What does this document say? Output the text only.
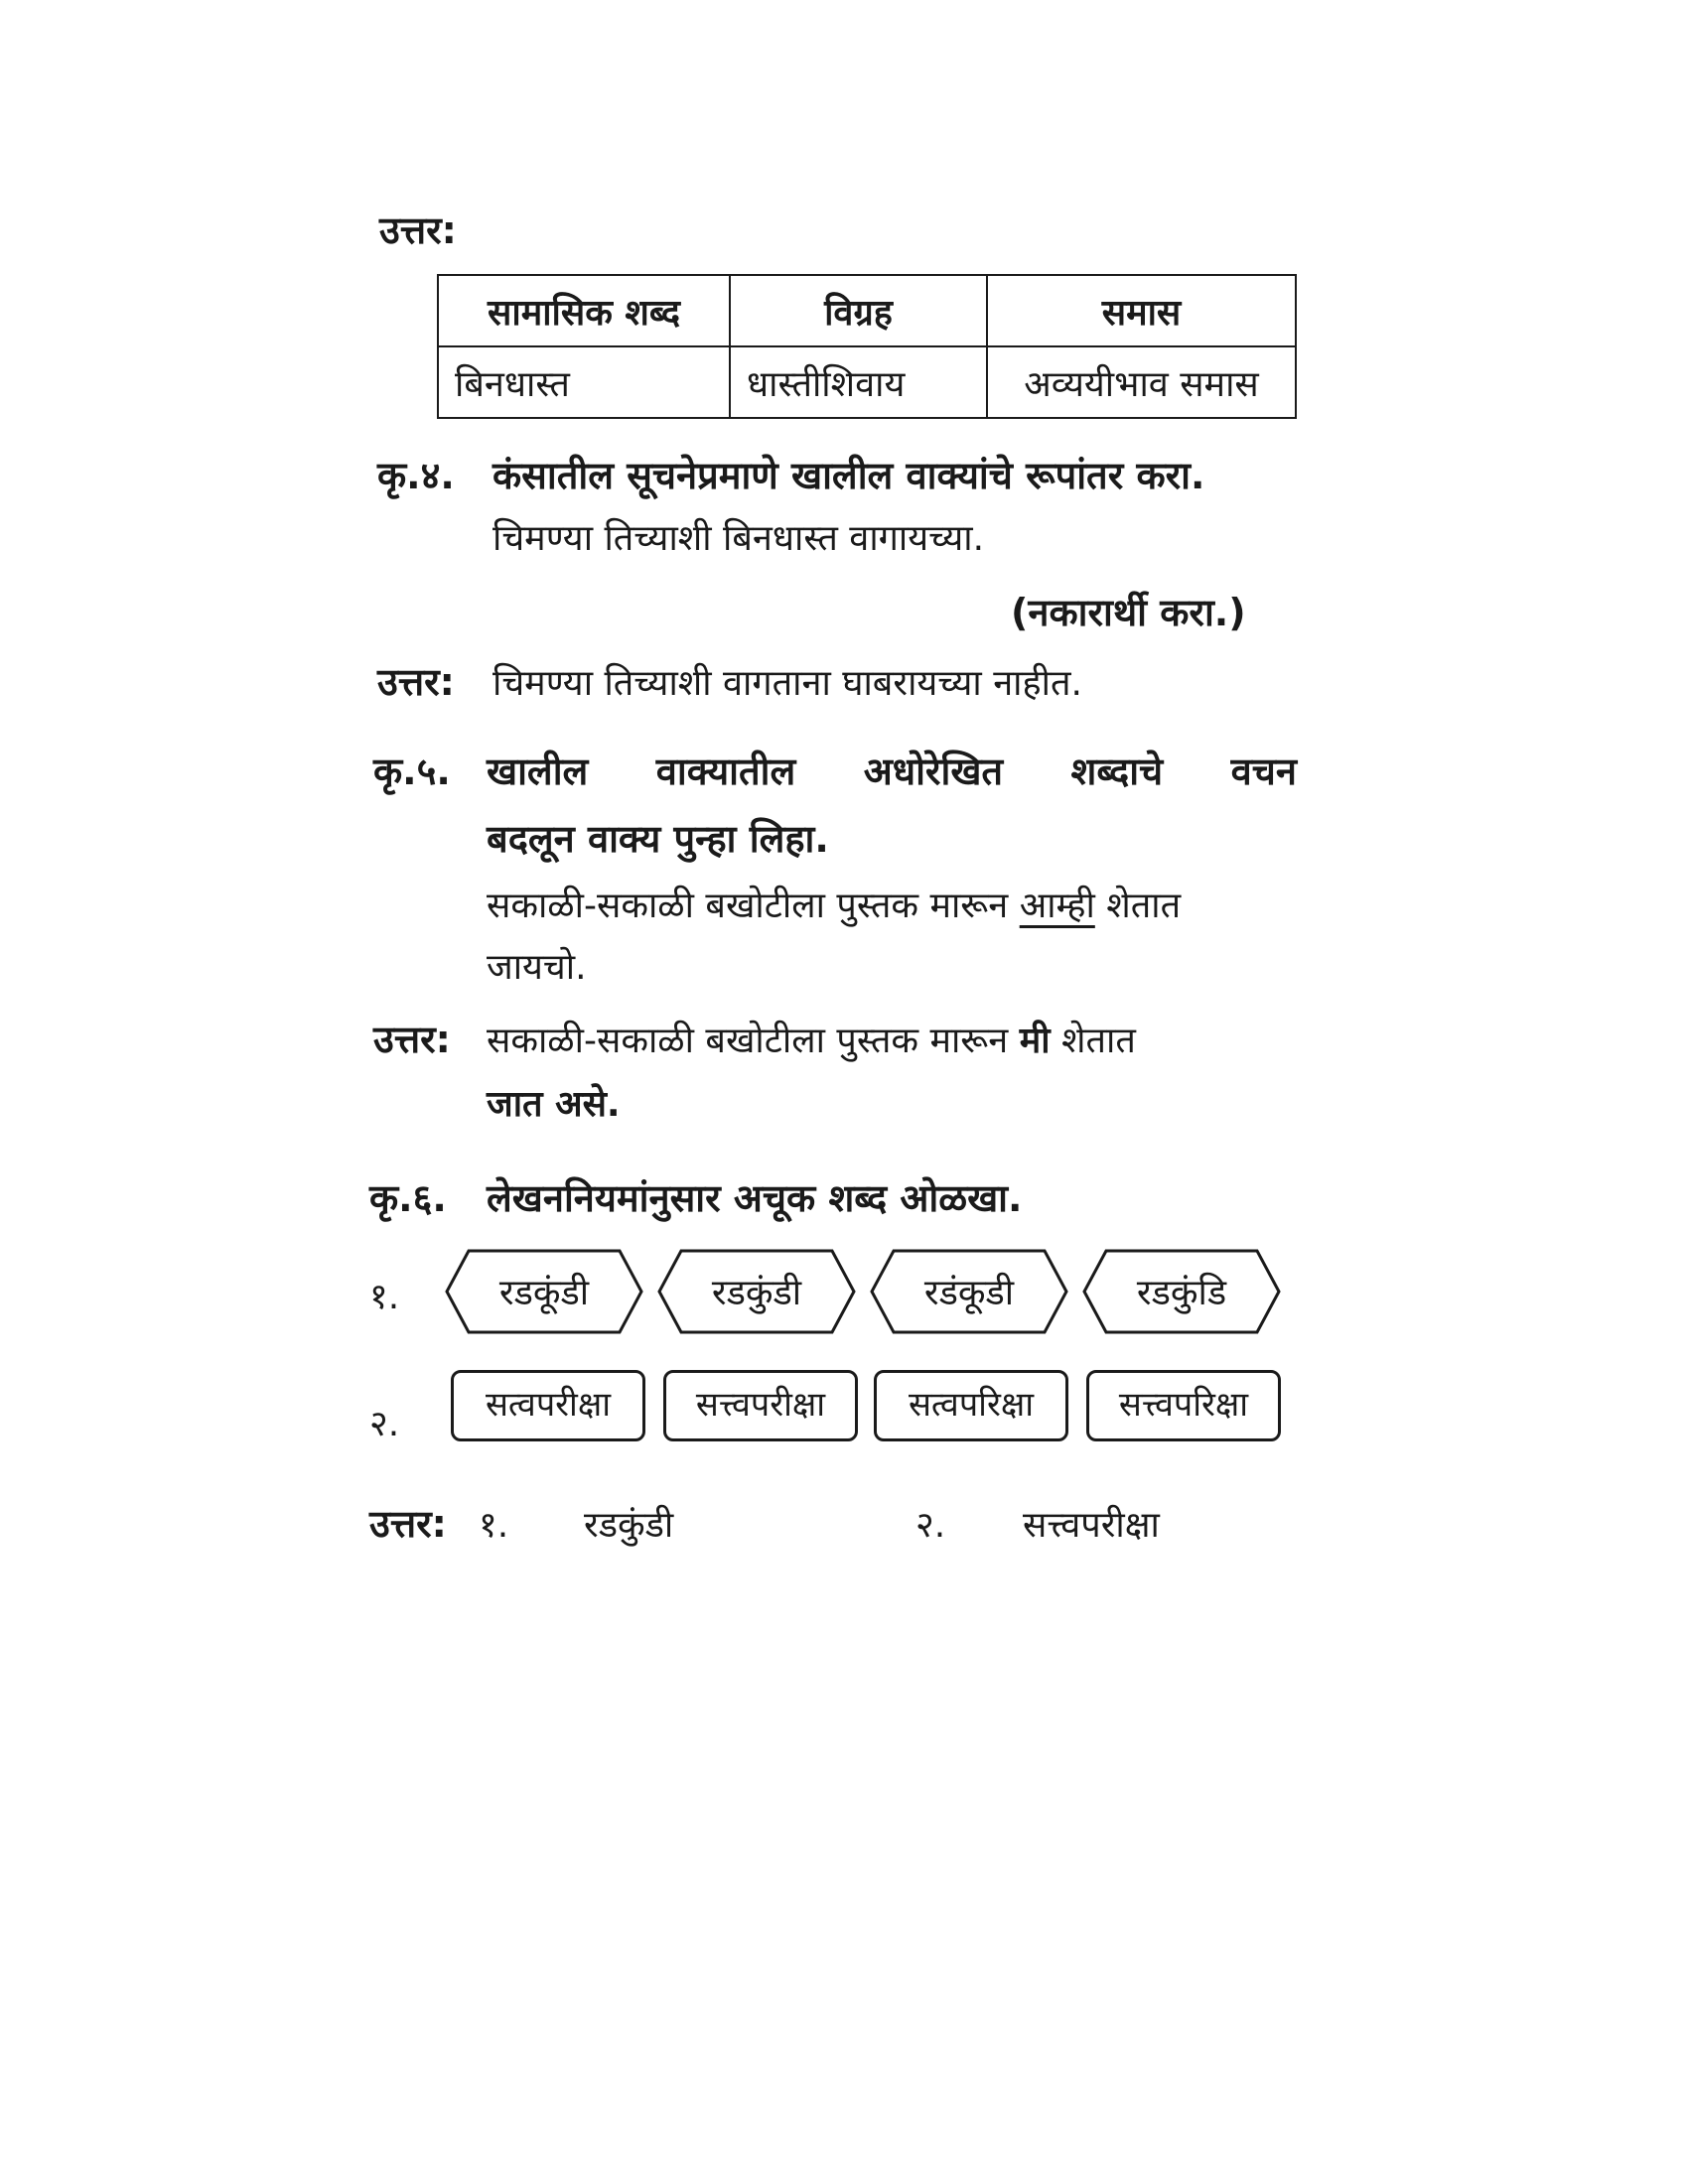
उत्तर:
सामासिक शब्द	विग्रह	समास
बिनधास्त	धास्तीशिवाय	अव्ययीभाव समास
कृ.४. कंसातील सूचनेप्रमाणे खालील वाक्यांचे रूपांतर करा.
चिमण्या तिच्याशी बिनधास्त वागायच्या.
(नकारार्थी करा.)
उत्तर: चिमण्या तिच्याशी वागताना घाबरायच्या नाहीत.
कृ.५. खालील वाक्यातील अधोरेखित शब्दाचे वचन
बदलून वाक्य पुन्हा लिहा.
सकाळी-सकाळी बखोटीला पुस्तक मारून आम्ही शेतात
जायचो.
उत्तर: सकाळी-सकाळी बखोटीला पुस्तक मारून मी शेतात
जात असे.
कृ.६. लेखननियमांनुसार अचूक शब्द ओळखा.
१.	रडकूंडी	रडकुंडी	रडंकूडी	रडकुंडि
२.	सत्वपरीक्षा	सत्त्वपरीक्षा	सत्वपरिक्षा	सत्त्वपरिक्षा
उत्तर: १. रडकुंडी	२. सत्त्वपरीक्षा
